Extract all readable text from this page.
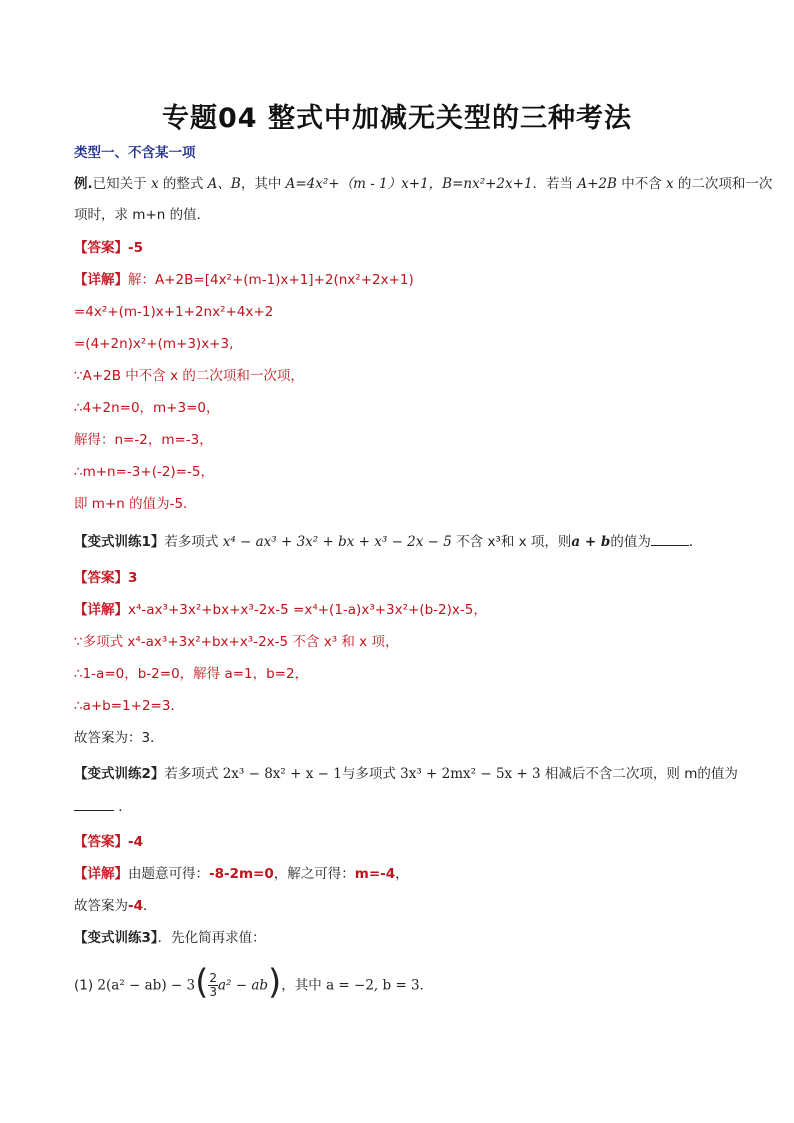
专题04 整式中加减无关型的三种考法
类型一、不含某一项
例.已知关于 x 的整式 A、B，其中 A=4x²+（m - 1）x+1，B=nx²+2x+1．若当 A+2B 中不含 x 的二次项和一次
项时，求 m+n 的值．
【答案】-5
【详解】解：A+2B=[4x²+(m-1)x+1]+2(nx²+2x+1)
=4x²+(m-1)x+1+2nx²+4x+2
=(4+2n)x²+(m+3)x+3,
∵A+2B 中不含 x 的二次项和一次项，
∴4+2n=0，m+3=0，
解得：n=-2，m=-3，
∴m+n=-3+(-2)=-5，
即 m+n 的值为-5．
【变式训练1】若多项式 x⁴ − ax³ + 3x² + bx + x³ − 2x − 5 不含 x³和 x 项，则a + b的值为	．
【答案】3
【详解】x⁴-ax³+3x²+bx+x³-2x-5 =x⁴+(1-a)x³+3x²+(b-2)x-5，
∵多项式 x⁴-ax³+3x²+bx+x³-2x-5 不含 x³ 和 x 项，
∴1-a=0，b-2=0，解得 a=1，b=2，
∴a+b=1+2=3．
故答案为：3．
【变式训练2】若多项式 2x³ − 8x² + x − 1与多项式 3x³ + 2mx² − 5x + 3 相减后不含二次项，则 m的值为
．
【答案】-4
【详解】由题意可得：-8-2m=0，解之可得：m=-4，
故答案为-4．
【变式训练3】．先化简再求值：
(1) $2(a^2 - ab) - 3( \frac{2}{3} a^2 - ab)$，其中 a = −2, b = 3．
